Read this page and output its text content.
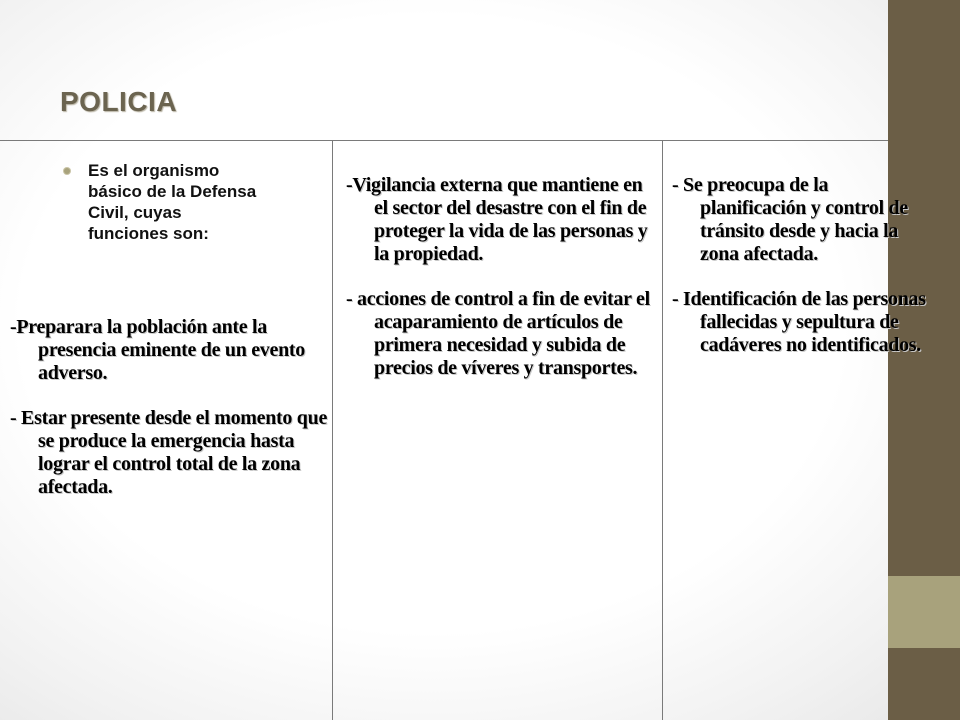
POLICIA

Es el organismo básico de la Defensa Civil, cuyas funciones son:

-Preparara la población ante la presencia eminente de un evento adverso.

- Estar presente desde el momento que se produce la emergencia hasta lograr el control total de la zona afectada.

-Vigilancia externa que mantiene en el sector del desastre con el fin de proteger la vida de las personas y la propiedad.

- acciones de control a fin de evitar el acaparamiento de artículos de primera necesidad y subida de precios de víveres y transportes.

- Se preocupa de la planificación y control de tránsito desde y hacia la zona afectada.

- Identificación de las personas fallecidas y sepultura de cadáveres no identificados.
